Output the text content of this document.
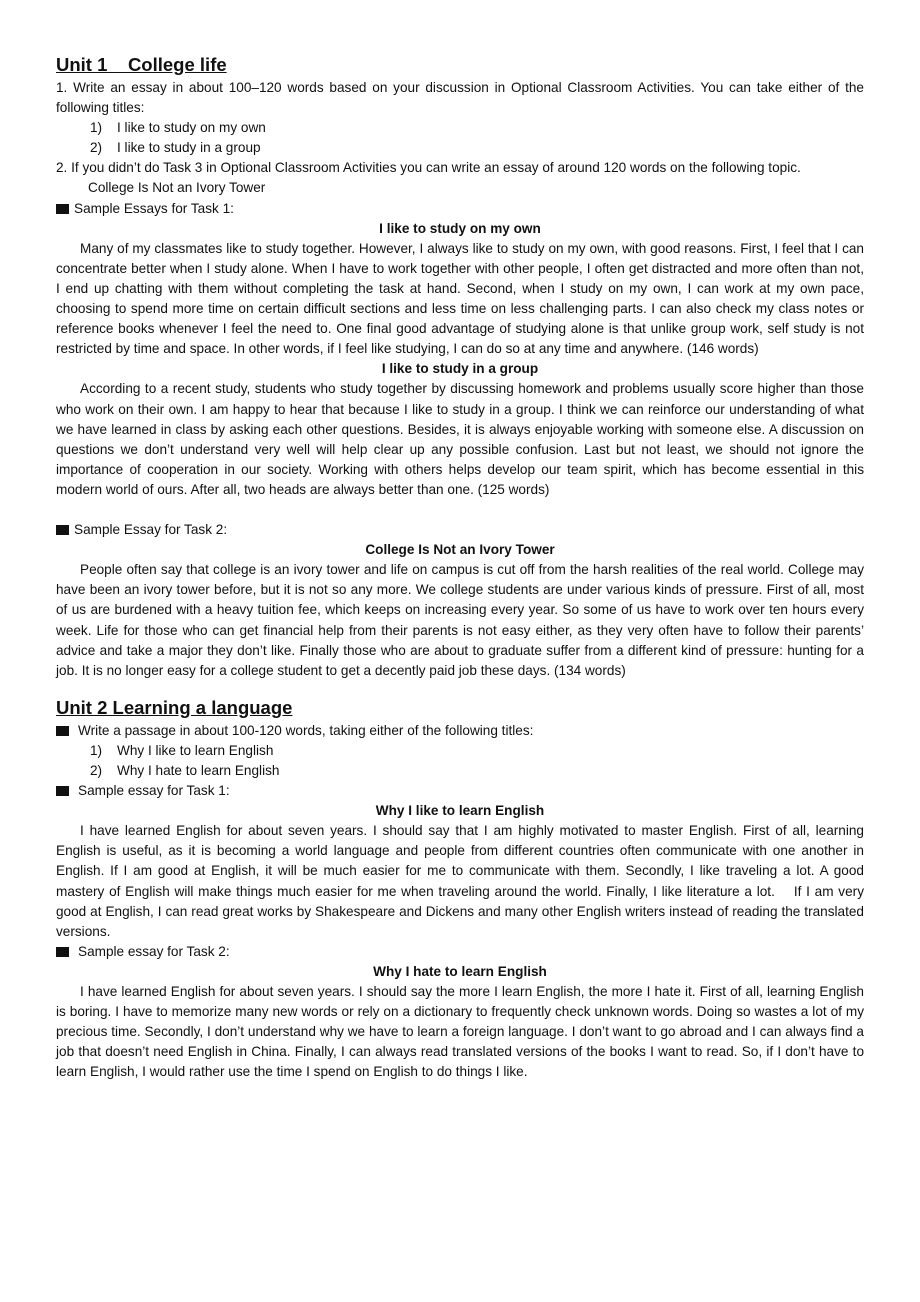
Unit 1    College life

1. Write an essay in about 100–120 words based on your discussion in Optional Classroom Activities. You can take either of the following titles:

1) I like to study on my own

2) I like to study in a group

2. If you didn’t do Task 3 in Optional Classroom Activities you can write an essay of around 120 words on the following topic.

College Is Not an Ivory Tower

Sample Essays for Task 1:

I like to study on my own

Many of my classmates like to study together. However, I always like to study on my own, with good reasons. First, I feel that I can concentrate better when I study alone. When I have to work together with other people, I often get distracted and more often than not, I end up chatting with them without completing the task at hand. Second, when I study on my own, I can work at my own pace, choosing to spend more time on certain difficult sections and less time on less challenging parts. I can also check my class notes or reference books whenever I feel the need to. One final good advantage of studying alone is that unlike group work, self study is not restricted by time and space. In other words, if I feel like studying, I can do so at any time and anywhere. (146 words)

I like to study in a group

According to a recent study, students who study together by discussing homework and problems usually score higher than those who work on their own. I am happy to hear that because I like to study in a group. I think we can reinforce our understanding of what we have learned in class by asking each other questions. Besides, it is always enjoyable working with someone else. A discussion on questions we don’t understand very well will help clear up any possible confusion. Last but not least, we should not ignore the importance of cooperation in our society. Working with others helps develop our team spirit, which has become essential in this modern world of ours. After all, two heads are always better than one. (125 words)

Sample Essay for Task 2:

College Is Not an Ivory Tower

People often say that college is an ivory tower and life on campus is cut off from the harsh realities of the real world. College may have been an ivory tower before, but it is not so any more. We college students are under various kinds of pressure. First of all, most of us are burdened with a heavy tuition fee, which keeps on increasing every year. So some of us have to work over ten hours every week. Life for those who can get financial help from their parents is not easy either, as they very often have to follow their parents’ advice and take a major they don’t like. Finally those who are about to graduate suffer from a different kind of pressure: hunting for a job. It is no longer easy for a college student to get a decently paid job these days. (134 words)

Unit 2 Learning a language

Write a passage in about 100-120 words, taking either of the following titles:

1) Why I like to learn English

2) Why I hate to learn English

Sample essay for Task 1:

Why I like to learn English

I have learned English for about seven years. I should say that I am highly motivated to master English. First of all, learning English is useful, as it is becoming a world language and people from different countries often communicate with one another in English. If I am good at English, it will be much easier for me to communicate with them. Secondly, I like traveling a lot. A good mastery of English will make things much easier for me when traveling around the world. Finally, I like literature a lot.    If I am very good at English, I can read great works by Shakespeare and Dickens and many other English writers instead of reading the translated versions.

Sample essay for Task 2:

Why I hate to learn English

I have learned English for about seven years. I should say the more I learn English, the more I hate it. First of all, learning English is boring. I have to memorize many new words or rely on a dictionary to frequently check unknown words. Doing so wastes a lot of my precious time. Secondly, I don’t understand why we have to learn a foreign language. I don’t want to go abroad and I can always find a job that doesn’t need English in China. Finally, I can always read translated versions of the books I want to read. So, if I don’t have to learn English, I would rather use the time I spend on English to do things I like.
